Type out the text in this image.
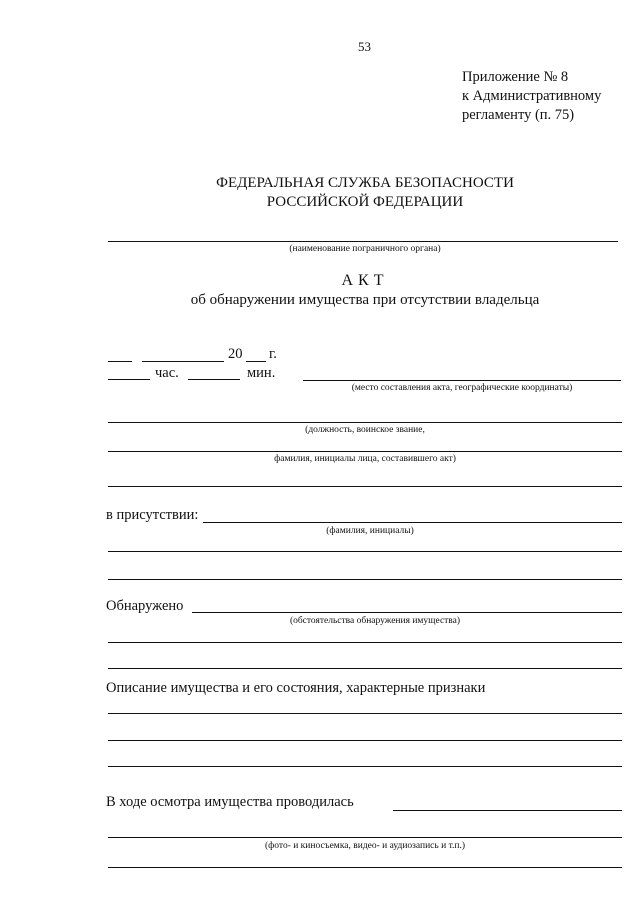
53
Приложение № 8
к Административному
регламенту (п. 75)
ФЕДЕРАЛЬНАЯ СЛУЖБА БЕЗОПАСНОСТИ
РОССИЙСКОЙ ФЕДЕРАЦИИ
(наименование пограничного органа)
АКТ
об обнаружении имущества при отсутствии владельца
20 г.
час.	мин.
(место составления акта, географические координаты)
(должность, воинское звание,
фамилия, инициалы лица, составившего акт)
в присутствии:
(фамилия, инициалы)
Обнаружено
(обстоятельства обнаружения имущества)
Описание имущества и его состояния, характерные признаки
В ходе осмотра имущества проводилась
(фото- и киносъемка, видео- и аудиозапись и т.п.)
